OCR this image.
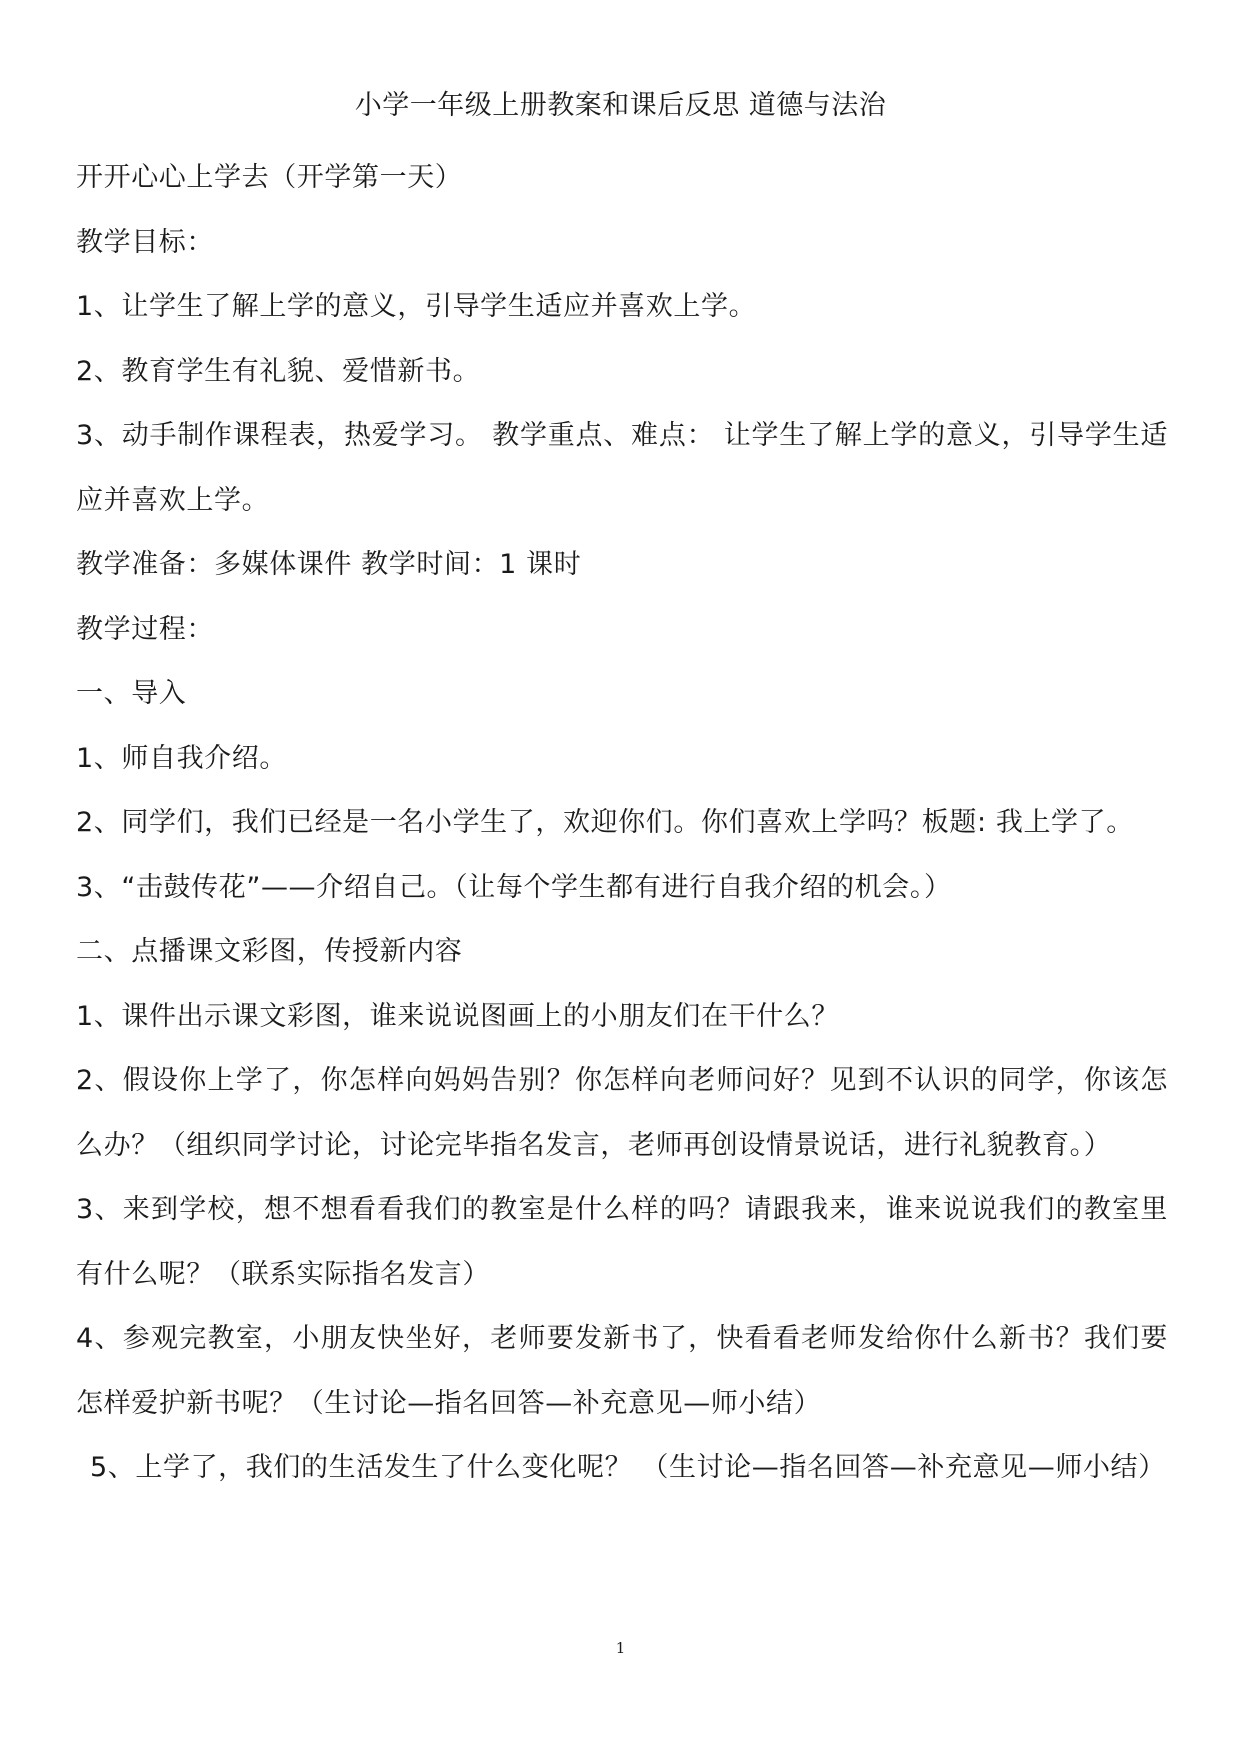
小学一年级上册教案和课后反思 道德与法治

开开心心上学去（开学第一天）

教学目标：

1、让学生了解上学的意义，引导学生适应并喜欢上学。

2、教育学生有礼貌、爱惜新书。

3、动手制作课程表，热爱学习。 教学重点、难点： 让学生了解上学的意义，引导学生适应并喜欢上学。

教学准备：多媒体课件 教学时间：1 课时

教学过程：

一、导入

1、师自我介绍。

2、同学们，我们已经是一名小学生了，欢迎你们。你们喜欢上学吗？板题: 我上学了。

3、“击鼓传花”——介绍自己。（让每个学生都有进行自我介绍的机会。）

二、点播课文彩图，传授新内容

1、课件出示课文彩图，谁来说说图画上的小朋友们在干什么？

2、假设你上学了，你怎样向妈妈告别？你怎样向老师问好？见到不认识的同学，你该怎么办？（组织同学讨论，讨论完毕指名发言，老师再创设情景说话，进行礼貌教育。）

3、来到学校，想不想看看我们的教室是什么样的吗？请跟我来，谁来说说我们的教室里有什么呢？（联系实际指名发言）

4、参观完教室，小朋友快坐好，老师要发新书了，快看看老师发给你什么新书？我们要怎样爱护新书呢？（生讨论—指名回答—补充意见—师小结）

5、上学了，我们的生活发生了什么变化呢？ （生讨论—指名回答—补充意见—师小结）

1
